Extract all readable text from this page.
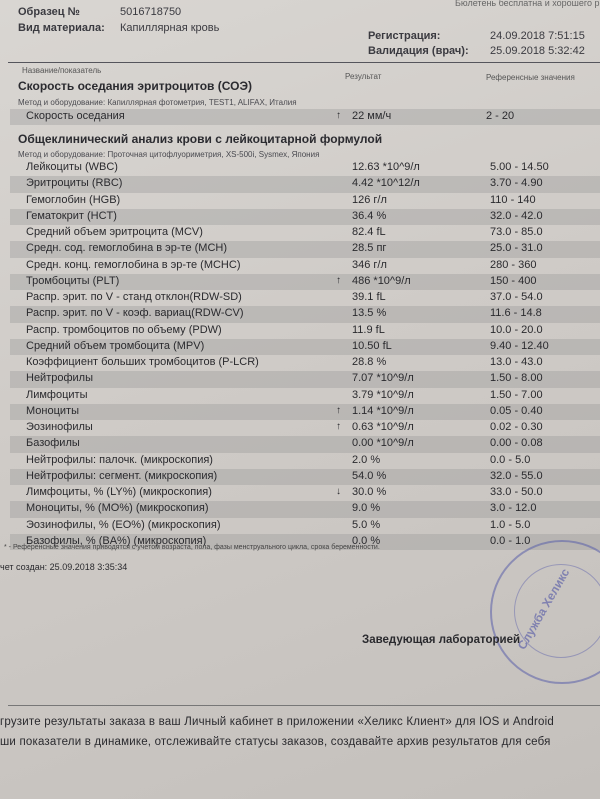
Бюлетень бесплатна и хорошего р
Образец №	5016718750
Вид материала: Капиллярная кровь
Регистрация:	24.09.2018 7:51:15
Валидация (врач): 25.09.2018 5:32:42
Название/показатель
Результат	Референсные значения
Скорость оседания эритроцитов (СОЭ)
Метод и оборудование: Капиллярная фотометрия, TEST1, ALIFAX, Италия
Скорость оседания	↑ 22 мм/ч	2 - 20
Общеклинический анализ крови с лейкоцитарной формулой
Метод и оборудование: Проточная цитофлуориметрия, XS-500i, Sysmex, Япония
Лейкоциты (WBC)	12.63 *10^9/л	5.00 - 14.50
Эритроциты (RBC)	4.42 *10^12/л	3.70 - 4.90
Гемоглобин (HGB)	126 г/л	110 - 140
Гематокрит (HCT)	36.4 %	32.0 - 42.0
Средний объем эритроцита (MCV)	82.4 fL	73.0 - 85.0
Средн. сод. гемоглобина в эр-те (MCH)	28.5 пг	25.0 - 31.0
Средн. конц. гемоглобина в эр-те (MCHC)	346 г/л	280 - 360
Тромбоциты (PLT)	↑ 486 *10^9/л	150 - 400
Распр. эрит. по V - станд отклон(RDW-SD)	39.1 fL	37.0 - 54.0
Распр. эрит. по V - коэф. вариац(RDW-CV)	13.5 %	11.6 - 14.8
Распр. тромбоцитов по объему (PDW)	11.9 fL	10.0 - 20.0
Средний объем тромбоцита (MPV)	10.50 fL	9.40 - 12.40
Коэффициент больших тромбоцитов (P-LCR)	28.8 %	13.0 - 43.0
Нейтрофилы	7.07 *10^9/л	1.50 - 8.00
Лимфоциты	3.79 *10^9/л	1.50 - 7.00
Моноциты	↑ 1.14 *10^9/л	0.05 - 0.40
Эозинофилы	↑ 0.63 *10^9/л	0.02 - 0.30
Базофилы	0.00 *10^9/л	0.00 - 0.08
Нейтрофилы: палочк. (микроскопия)	2.0 %	0.0 - 5.0
Нейтрофилы: сегмент. (микроскопия)	54.0 %	32.0 - 55.0
Лимфоциты, % (LY%) (микроскопия)	↓ 30.0 %	33.0 - 50.0
Моноциты, % (MO%) (микроскопия)	9.0 %	3.0 - 12.0
Эозинофилы, % (EO%) (микроскопия)	5.0 %	1.0 - 5.0
Базофилы, % (BA%) (микроскопия)	0.0 %	0.0 - 1.0
* - Референсные значения приводятся с учетом возраста, пола, фазы менструального цикла, срока беременности.
чет создан: 25.09.2018 3:35:34	Служба Хеликс
Заведующая лабораторией
грузите результаты заказа в ваш Личный кабинет в приложении «Хеликс Клиент» для IOS и Android
ши показатели в динамике, отслеживайте статусы заказов, создавайте архив результатов для себя
